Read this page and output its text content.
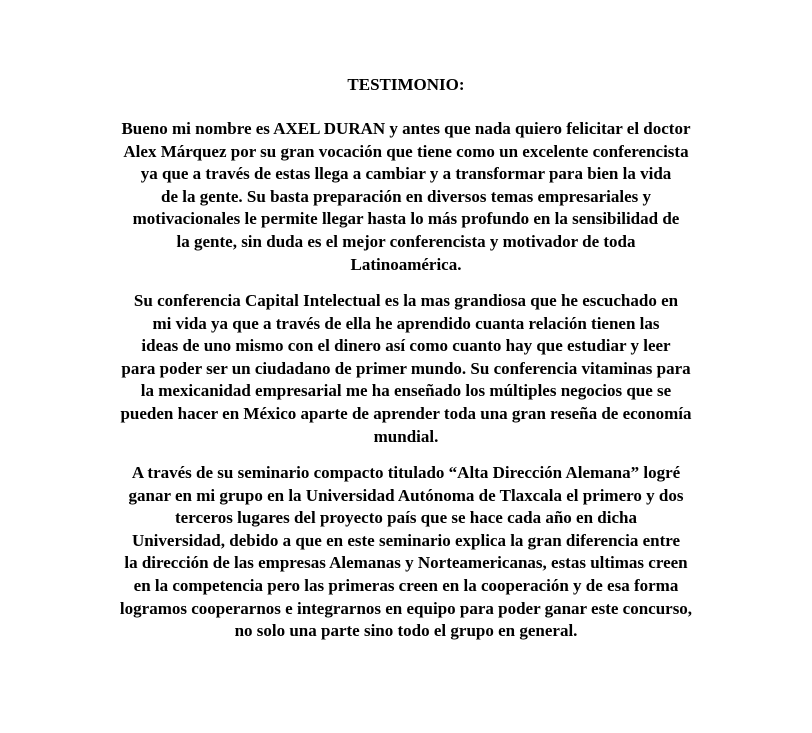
TESTIMONIO:
Bueno mi nombre es AXEL DURAN y antes que nada quiero felicitar el doctor
Alex Márquez por su gran vocación que tiene como un excelente conferencista
ya que a través de estas llega a cambiar y a transformar para bien la vida
de la gente. Su basta preparación en diversos temas empresariales y
motivacionales le permite llegar hasta lo más profundo en la sensibilidad de
la gente, sin duda es el mejor conferencista y motivador de toda
Latinoamérica.
Su conferencia Capital Intelectual es la mas grandiosa que he escuchado en
mi vida ya que a través de ella he aprendido cuanta relación tienen las
ideas de uno mismo con el dinero así como cuanto hay que estudiar y leer
para poder ser un ciudadano de primer mundo. Su conferencia vitaminas para
la mexicanidad empresarial me ha enseñado los múltiples negocios que se
pueden hacer en México aparte de aprender toda una gran reseña de economía
mundial.
A través de su seminario compacto titulado “Alta Dirección Alemana” logré
ganar en mi grupo en la Universidad Autónoma de Tlaxcala el primero y dos
terceros lugares del proyecto país que se hace cada año en dicha
Universidad, debido a que en este seminario explica la gran diferencia entre
la dirección de las empresas Alemanas y Norteamericanas, estas ultimas creen
en la competencia pero las primeras creen en la cooperación y de esa forma
logramos cooperarnos e integrarnos en equipo para poder ganar este concurso,
no solo una parte sino todo el grupo en general.
